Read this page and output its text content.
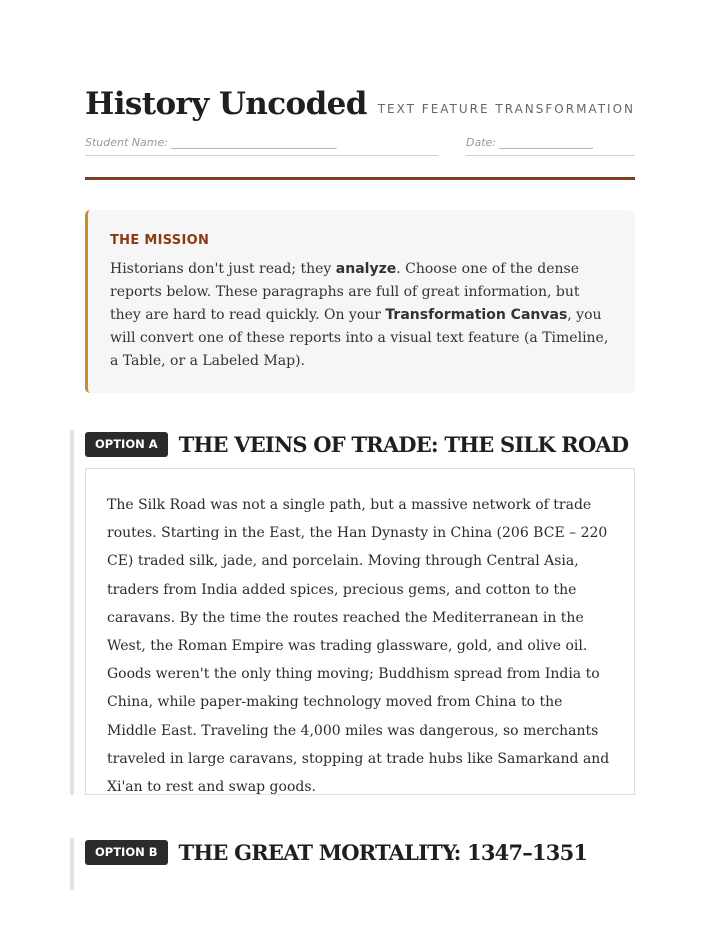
History Uncoded TEXT FEATURE TRANSFORMATION
Student Name: ______________________________	Date: _________________
THE MISSION
Historians don't just read; they analyze. Choose one of the dense reports below. These paragraphs are full of great information, but they are hard to read quickly. On your Transformation Canvas, you will convert one of these reports into a visual text feature (a Timeline, a Table, or a Labeled Map).
OPTION A	THE VEINS OF TRADE: THE SILK ROAD
The Silk Road was not a single path, but a massive network of trade routes. Starting in the East, the Han Dynasty in China (206 BCE – 220 CE) traded silk, jade, and porcelain. Moving through Central Asia, traders from India added spices, precious gems, and cotton to the caravans. By the time the routes reached the Mediterranean in the West, the Roman Empire was trading glassware, gold, and olive oil. Goods weren't the only thing moving; Buddhism spread from India to China, while paper-making technology moved from China to the Middle East. Traveling the 4,000 miles was dangerous, so merchants traveled in large caravans, stopping at trade hubs like Samarkand and Xi'an to rest and swap goods.
OPTION B	THE GREAT MORTALITY: 1347–1351
